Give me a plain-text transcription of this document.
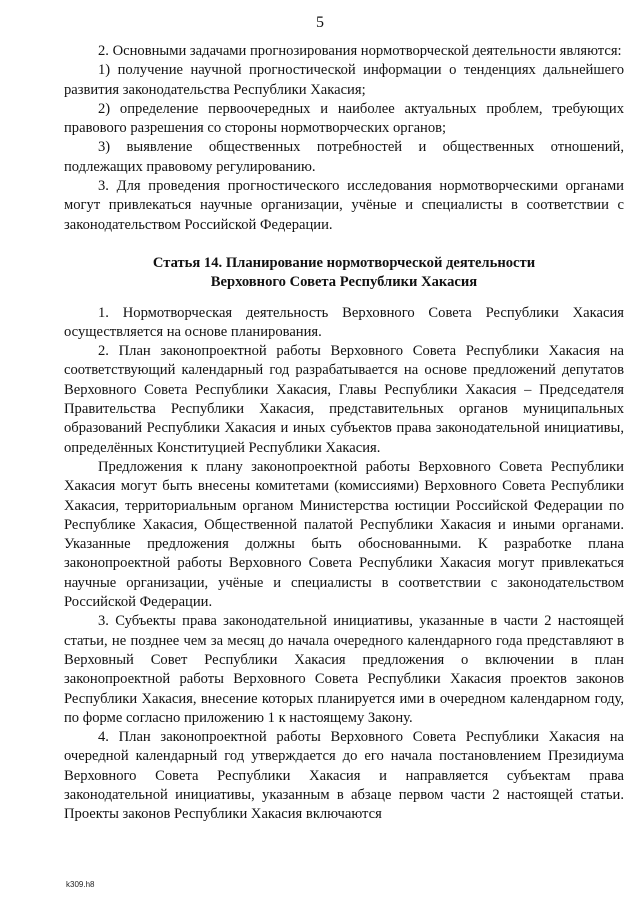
5

2. Основными задачами прогнозирования нормотворческой деятельности являются:

1) получение научной прогностической информации о тенденциях дальнейшего развития законодательства Республики Хакасия;

2) определение первоочередных и наиболее актуальных проблем, требующих правового разрешения со стороны нормотворческих органов;

3) выявление общественных потребностей и общественных отношений, подлежащих правовому регулированию.

3. Для проведения прогностического исследования нормотворческими органами могут привлекаться научные организации, учёные и специалисты в соответствии с законодательством Российской Федерации.

Статья 14. Планирование нормотворческой деятельности
Верховного Совета Республики Хакасия

1. Нормотворческая деятельность Верховного Совета Республики Хакасия осуществляется на основе планирования.

2. План законопроектной работы Верховного Совета Республики Хакасия на соответствующий календарный год разрабатывается на основе предложений депутатов Верховного Совета Республики Хакасия, Главы Республики Хакасия – Председателя Правительства Республики Хакасия, представительных органов муниципальных образований Республики Хакасия и иных субъектов права законодательной инициативы, определённых Конституцией Республики Хакасия.

Предложения к плану законопроектной работы Верховного Совета Республики Хакасия могут быть внесены комитетами (комиссиями) Верховного Совета Республики Хакасия, территориальным органом Министерства юстиции Российской Федерации по Республике Хакасия, Общественной палатой Республики Хакасия и иными органами. Указанные предложения должны быть обоснованными. К разработке плана законопроектной работы Верховного Совета Республики Хакасия могут привлекаться научные организации, учёные и специалисты в соответствии с законодательством Российской Федерации.

3. Субъекты права законодательной инициативы, указанные в части 2 настоящей статьи, не позднее чем за месяц до начала очередного календарного года представляют в Верховный Совет Республики Хакасия предложения о включении в план законопроектной работы Верховного Совета Республики Хакасия проектов законов Республики Хакасия, внесение которых планируется ими в очередном календарном году, по форме согласно приложению 1 к настоящему Закону.

4. План законопроектной работы Верховного Совета Республики Хакасия на очередной календарный год утверждается до его начала постановлением Президиума Верховного Совета Республики Хакасия и направляется субъектам права законодательной инициативы, указанным в абзаце первом части 2 настоящей статьи. Проекты законов Республики Хакасия включаются

k309.h8
